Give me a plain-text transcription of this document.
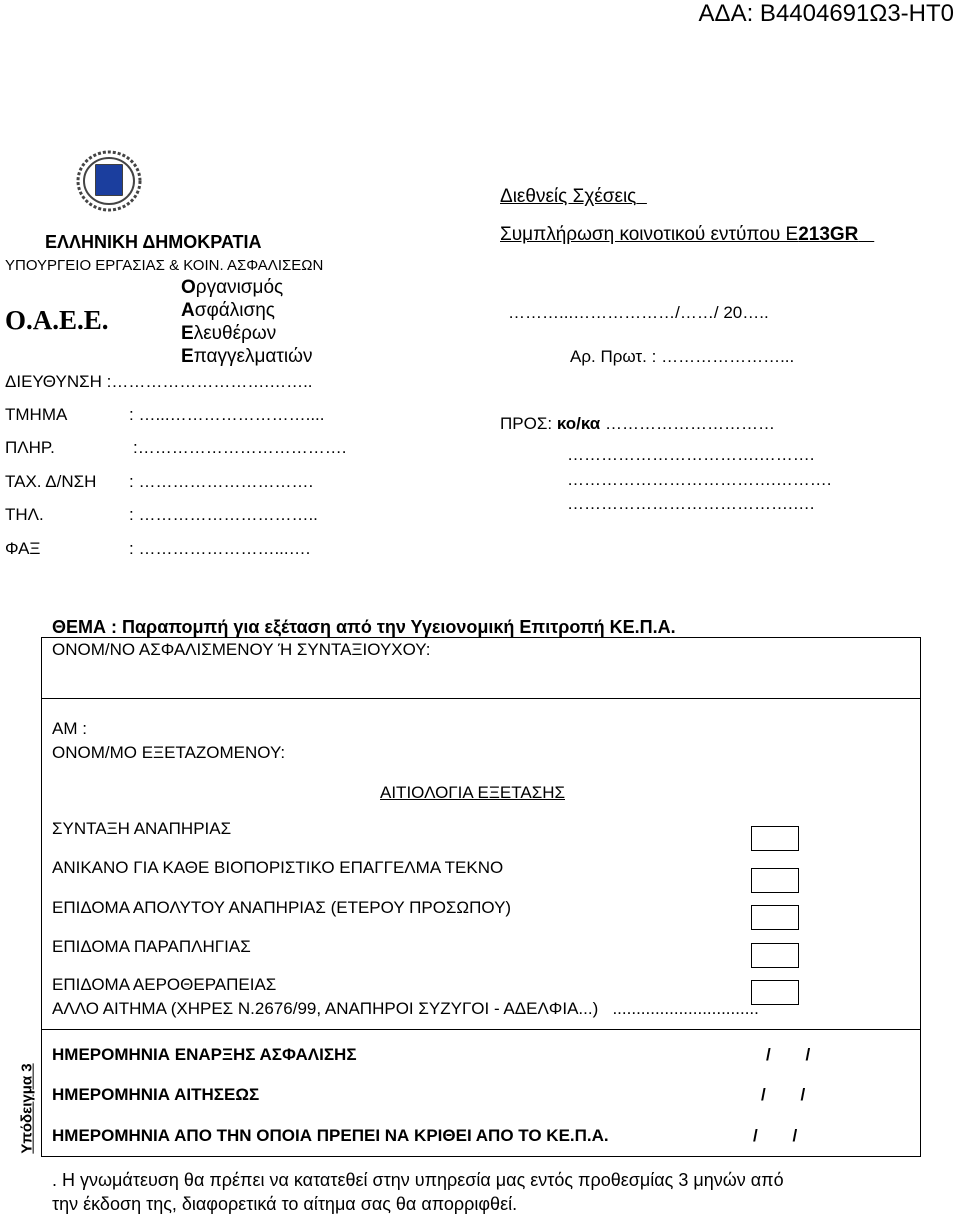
ΑΔΑ: Β4404691Ω3-ΗΤ0
ΕΛΛΗΝΙΚΗ ΔΗΜΟΚΡΑΤΙΑ
ΥΠΟΥΡΓΕΙΟ ΕΡΓΑΣΙΑΣ & ΚΟΙΝ. ΑΣΦΑΛΙΣΕΩΝ
Ο.Α.Ε.Ε.
Οργανισμός
Ασφάλισης
Ελευθέρων
Επαγγελματιών
ΔΙΕΥΘΥΝΣΗ :……………………….……..
ΤΜΗΜΑ	: …...……………………....
ΠΛΗΡ.	:……………………………….
ΤΑΧ. Δ/ΝΣΗ : ………………………….
ΤΗΛ.	: …………………………..
ΦΑΞ	: ……………………...….
Διεθνείς Σχέσεις
Συμπλήρωση κοινοτικού εντύπου Ε213GR
………...………………/……/ 20…..
Αρ. Πρωτ. : …………………...
ΠΡΟΣ: κο/κα …………………………
…………………………….……….
……………………………….……….
………………………………….….
ΘΕΜΑ : Παραπομπή για εξέταση από την Υγειονομική Επιτροπή ΚΕ.Π.Α.
ΟΝΟΜ/ΝΟ ΑΣΦΑΛΙΣΜΕΝΟΥ Ή ΣΥΝΤΑΞΙΟΥΧΟΥ:
ΑΜ :
ΟΝΟΜ/ΜΟ ΕΞΕΤΑΖΟΜΕΝΟΥ:
ΑΙΤΙΟΛΟΓΙΑ ΕΞΕΤΑΣΗΣ
ΣΥΝΤΑΞΗ ΑΝΑΠΗΡΙΑΣ
ΑΝΙΚΑΝΟ ΓΙΑ ΚΑΘΕ ΒΙΟΠΟΡΙΣΤΙΚΟ ΕΠΑΓΓΕΛΜΑ ΤΕΚΝΟ
ΕΠΙΔΟΜΑ ΑΠΟΛΥΤΟΥ ΑΝΑΠΗΡΙΑΣ (ΕΤΕΡΟΥ ΠΡΟΣΩΠΟΥ)
ΕΠΙΔΟΜΑ ΠΑΡΑΠΛΗΓΙΑΣ
ΕΠΙΔΟΜΑ ΑΕΡΟΘΕΡΑΠΕΙΑΣ
ΑΛΛΟ ΑΙΤΗΜΑ (ΧΗΡΕΣ Ν.2676/99, ΑΝΑΠΗΡΟΙ ΣΥΖΥΓΟΙ - ΑΔΕΛΦΙΑ...) ...............................
ΗΜΕΡΟΜΗΝΙΑ ΕΝΑΡΞΗΣ ΑΣΦΑΛΙΣΗΣ	/ /
ΗΜΕΡΟΜΗΝΙΑ ΑΙΤΗΣΕΩΣ	/ /
ΗΜΕΡΟΜΗΝΙΑ ΑΠΟ ΤΗΝ ΟΠΟΙΑ ΠΡΕΠΕΙ ΝΑ ΚΡΙΘΕΙ ΑΠΟ ΤΟ ΚΕ.Π.Α.	/ /
. Η γνωμάτευση θα πρέπει να κατατεθεί στην υπηρεσία μας εντός προθεσμίας 3 μηνών από
την έκδοση της, διαφορετικά το αίτημα σας θα απορριφθεί.
Υπόδειγμα 3
